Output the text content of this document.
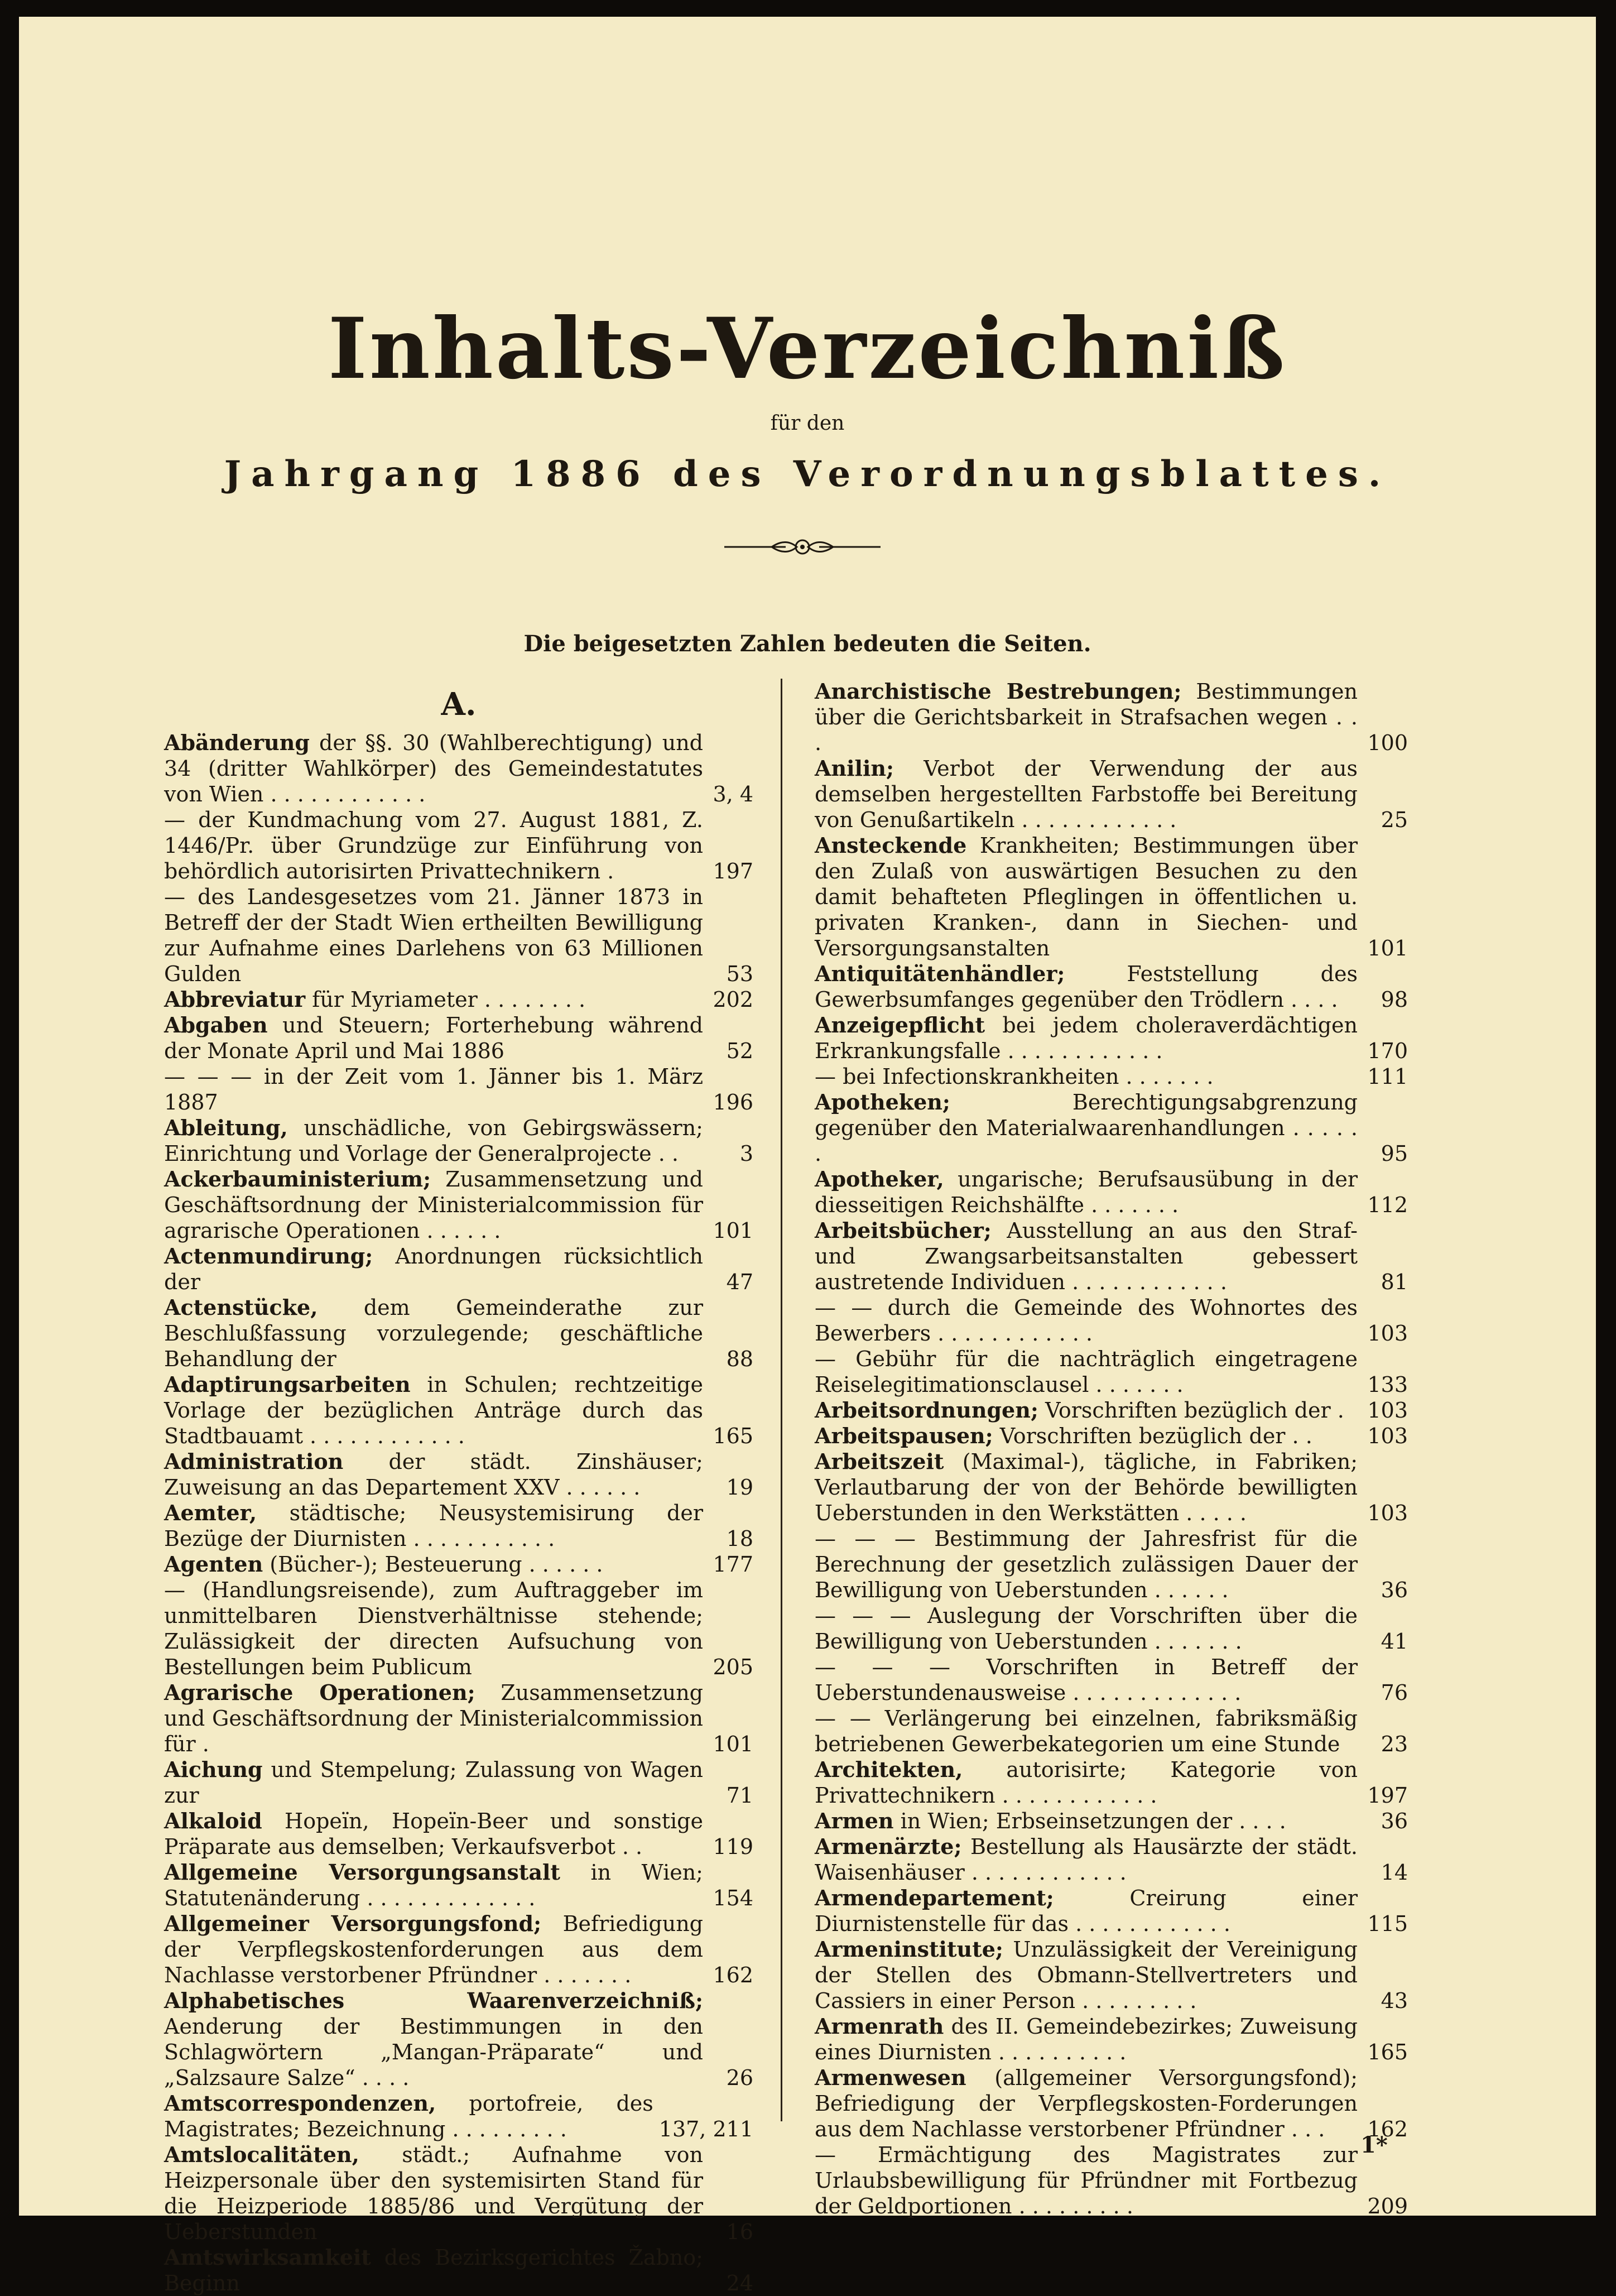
Inhalts-Verzeichniß
für den
Jahrgang 1886 des Verordnungsblattes.
Die beigesetzten Zahlen bedeuten die Seiten.
A.
Abänderung der §§. 30 (Wahlberechtigung) und 34 (dritter Wahlkörper) des Gemeindestatutes von Wien . . . . . . . . . . . .	3, 4
— der Kundmachung vom 27. August 1881, Z. 1446/Pr. über Grundzüge zur Einführung von behördlich autorisirten Privattechnikern .	197
— des Landesgesetzes vom 21. Jänner 1873 in Betreff der der Stadt Wien ertheilten Bewilligung zur Aufnahme eines Darlehens von 63 Millionen Gulden	53
Abbreviatur für Myriameter . . . . . . . .	202
Abgaben und Steuern; Forterhebung während der Monate April und Mai 1886	52
— — — in der Zeit vom 1. Jänner bis 1. März 1887	196
Ableitung, unschädliche, von Gebirgswässern; Einrichtung und Vorlage der Generalprojecte . .	3
Ackerbauministerium; Zusammensetzung und Geschäftsordnung der Ministerialcommission für agrarische Operationen . . . . . .	101
Actenmundirung; Anordnungen rücksichtlich der	47
Actenstücke, dem Gemeinderathe zur Beschlußfassung vorzulegende; geschäftliche Behandlung der	88
Adaptirungsarbeiten in Schulen; rechtzeitige Vorlage der bezüglichen Anträge durch das Stadtbauamt . . . . . . . . . . . .	165
Administration der städt. Zinshäuser; Zuweisung an das Departement XXV . . . . . .	19
Aemter, städtische; Neusystemisirung der Bezüge der Diurnisten . . . . . . . . . . .	18
Agenten (Bücher-); Besteuerung . . . . . .	177
— (Handlungsreisende), zum Auftraggeber im unmittelbaren Dienstverhältnisse stehende; Zulässigkeit der directen Aufsuchung von Bestellungen beim Publicum	205
Agrarische Operationen; Zusammensetzung und Geschäftsordnung der Ministerialcommission für .	101
Aichung und Stempelung; Zulassung von Wagen zur	71
Alkaloid Hopeïn, Hopeïn-Beer und sonstige Präparate aus demselben; Verkaufsverbot . .	119
Allgemeine Versorgungsanstalt in Wien; Statutenänderung . . . . . . . . . . . . .	154
Allgemeiner Versorgungsfond; Befriedigung der Verpflegskostenforderungen aus dem Nachlasse verstorbener Pfründner . . . . . . .	162
Alphabetisches Waarenverzeichniß; Aenderung der Bestimmungen in den Schlagwörtern „Mangan-Präparate“ und „Salzsaure Salze“ . . . .	26
Amtscorrespondenzen, portofreie, des Magistrates; Bezeichnung . . . . . . . . .	137, 211
Amtslocalitäten, städt.; Aufnahme von Heizpersonale über den systemisirten Stand für die Heizperiode 1885/86 und Vergütung der Ueberstunden	16
Amtswirksamkeit des Bezirksgerichtes Žabno; Beginn	24
Anarchistische Bestrebungen; Bestimmungen über die Gerichtsbarkeit in Strafsachen wegen . . .	100
Anilin; Verbot der Verwendung der aus demselben hergestellten Farbstoffe bei Bereitung von Genußartikeln . . . . . . . . . . . .	25
Ansteckende Krankheiten; Bestimmungen über den Zulaß von auswärtigen Besuchen zu den damit behafteten Pfleglingen in öffentlichen u. privaten Kranken-, dann in Siechen- und Versorgungsanstalten	101
Antiquitätenhändler; Feststellung des Gewerbsumfanges gegenüber den Trödlern . . . .	98
Anzeigepflicht bei jedem choleraverdächtigen Erkrankungsfalle . . . . . . . . . . . .	170
— bei Infectionskrankheiten . . . . . . .	111
Apotheken; Berechtigungsabgrenzung gegenüber den Materialwaarenhandlungen . . . . . .	95
Apotheker, ungarische; Berufsausübung in der diesseitigen Reichshälfte . . . . . . .	112
Arbeitsbücher; Ausstellung an aus den Straf- und Zwangsarbeitsanstalten gebessert austretende Individuen . . . . . . . . . . . .	81
— — durch die Gemeinde des Wohnortes des Bewerbers . . . . . . . . . . . .	103
— Gebühr für die nachträglich eingetragene Reiselegitimationsclausel . . . . . . .	133
Arbeitsordnungen; Vorschriften bezüglich der .	103
Arbeitspausen; Vorschriften bezüglich der . .	103
Arbeitszeit (Maximal-), tägliche, in Fabriken; Verlautbarung der von der Behörde bewilligten Ueberstunden in den Werkstätten . . . . .	103
— — — Bestimmung der Jahresfrist für die Berechnung der gesetzlich zulässigen Dauer der Bewilligung von Ueberstunden . . . . . .	36
— — — Auslegung der Vorschriften über die Bewilligung von Ueberstunden . . . . . . .	41
— — — Vorschriften in Betreff der Ueberstundenausweise . . . . . . . . . . . . .	76
— — Verlängerung bei einzelnen, fabriksmäßig betriebenen Gewerbekategorien um eine Stunde	23
Architekten, autorisirte; Kategorie von Privattechnikern . . . . . . . . . . . .	197
Armen in Wien; Erbseinsetzungen der . . . .	36
Armenärzte; Bestellung als Hausärzte der städt. Waisenhäuser . . . . . . . . . . . .	14
Armendepartement; Creirung einer Diurnistenstelle für das . . . . . . . . . . . .	115
Armeninstitute; Unzulässigkeit der Vereinigung der Stellen des Obmann-Stellvertreters und Cassiers in einer Person . . . . . . . . .	43
Armenrath des II. Gemeindebezirkes; Zuweisung eines Diurnisten . . . . . . . . . .	165
Armenwesen (allgemeiner Versorgungsfond); Befriedigung der Verpflegskosten-Forderungen aus dem Nachlasse verstorbener Pfründner . . .	162
— Ermächtigung des Magistrates zur Urlaubsbewilligung für Pfründner mit Fortbezug der Geldportionen . . . . . . . . .	209
1*
